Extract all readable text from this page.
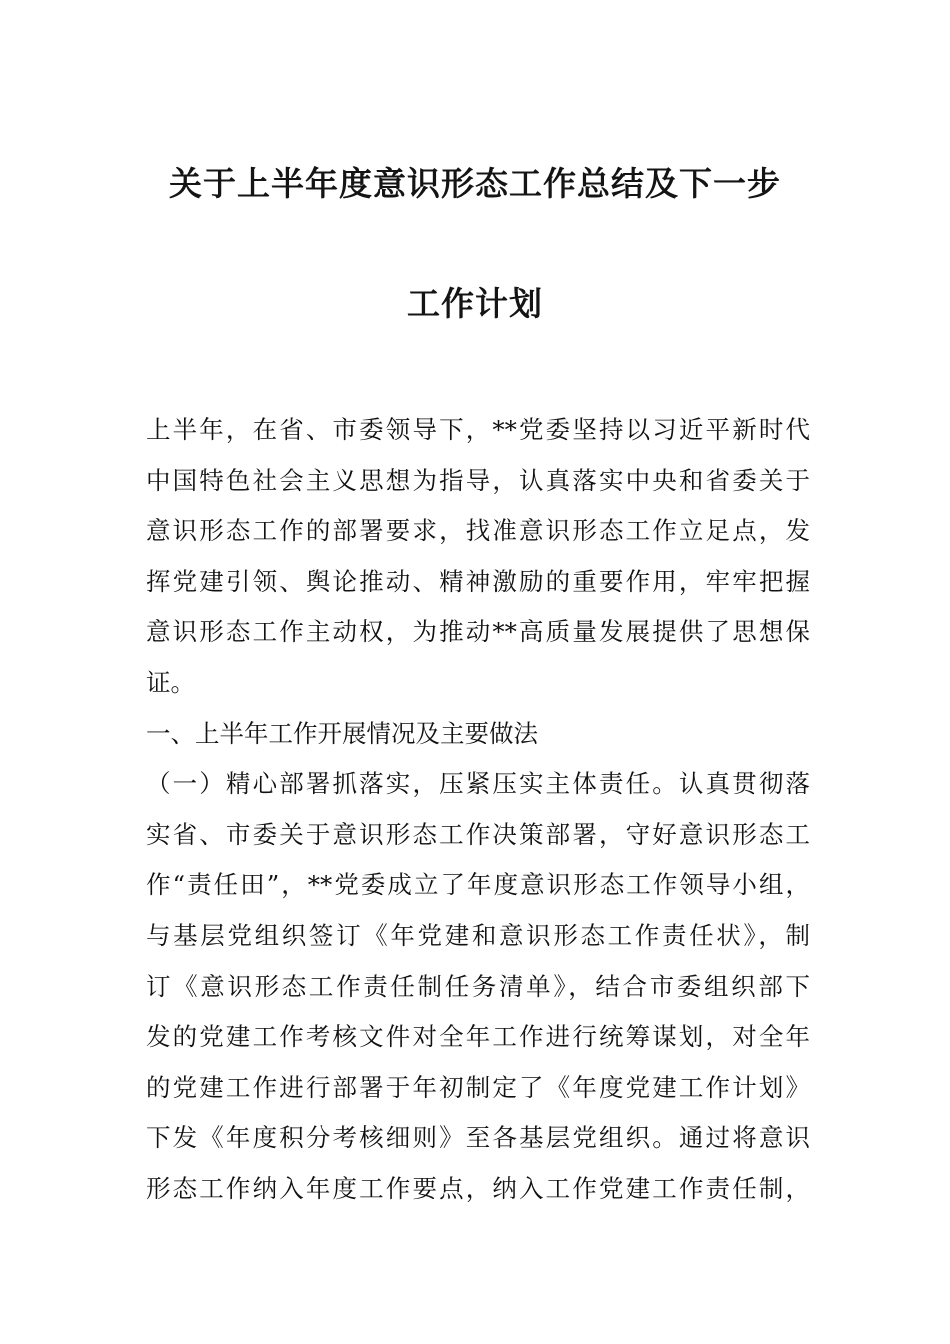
关于上半年度意识形态工作总结及下一步
工作计划
上半年，在省、市委领导下，**党委坚持以习近平新时代
中国特色社会主义思想为指导，认真落实中央和省委关于
意识形态工作的部署要求，找准意识形态工作立足点，发
挥党建引领、舆论推动、精神激励的重要作用，牢牢把握
意识形态工作主动权，为推动**高质量发展提供了思想保
证。
一、上半年工作开展情况及主要做法
（一）精心部署抓落实，压紧压实主体责任。认真贯彻落
实省、市委关于意识形态工作决策部署，守好意识形态工
作“责任田”，**党委成立了年度意识形态工作领导小组，
与基层党组织签订《年党建和意识形态工作责任状》，制
订《意识形态工作责任制任务清单》，结合市委组织部下
发的党建工作考核文件对全年工作进行统筹谋划，对全年
的党建工作进行部署于年初制定了《年度党建工作计划》
下发《年度积分考核细则》至各基层党组织。通过将意识
形态工作纳入年度工作要点，纳入工作党建工作责任制，
